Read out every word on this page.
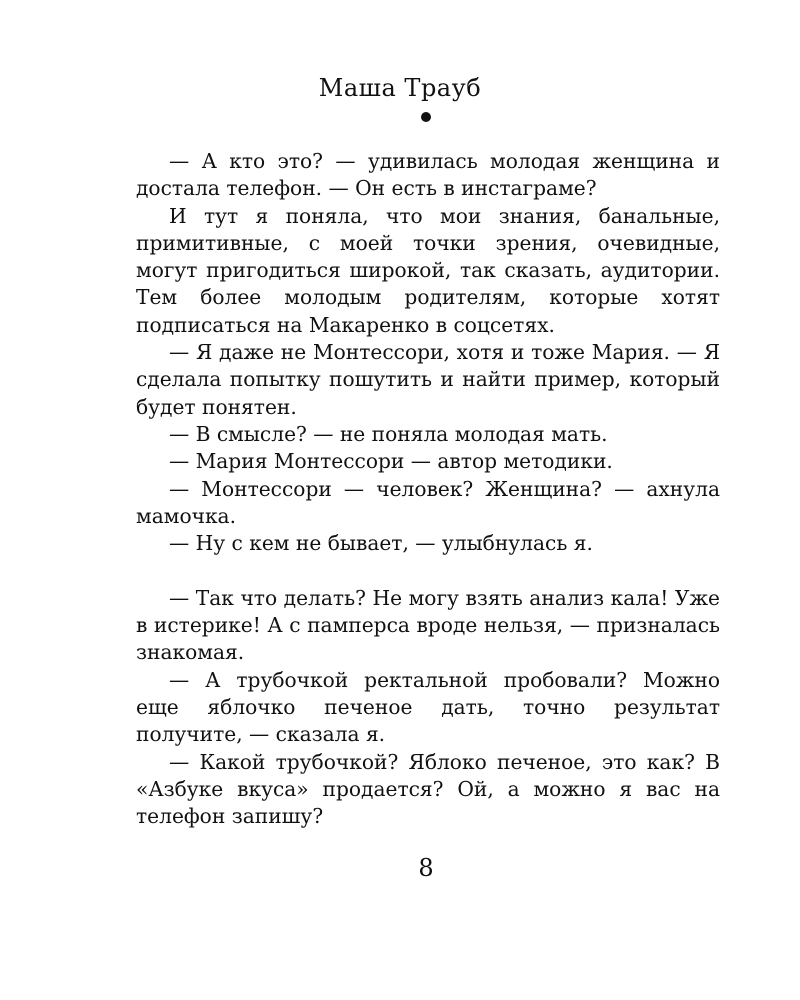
Маша Трауб

— А кто это? — удивилась молодая женщина и достала телефон. — Он есть в инстаграме?

И тут я поняла, что мои знания, банальные, примитивные, с моей точки зрения, очевидные, могут пригодиться широкой, так сказать, аудитории. Тем более молодым родителям, которые хотят подписаться на Макаренко в соцсетях.

— Я даже не Монтессори, хотя и тоже Мария. — Я сделала попытку пошутить и найти пример, который будет понятен.

— В смысле? — не поняла молодая мать.

— Мария Монтессори — автор методики.

— Монтессори — человек? Женщина? — ахнула мамочка.

— Ну с кем не бывает, — улыбнулась я.

— Так что делать? Не могу взять анализ кала! Уже в истерике! А с памперса вроде нельзя, — призналась знакомая.

— А трубочкой ректальной пробовали? Можно еще яблочко печеное дать, точно результат получите, — сказала я.

— Какой трубочкой? Яблоко печеное, это как? В «Азбуке вкуса» продается? Ой, а можно я вас на телефон запишу?

8
